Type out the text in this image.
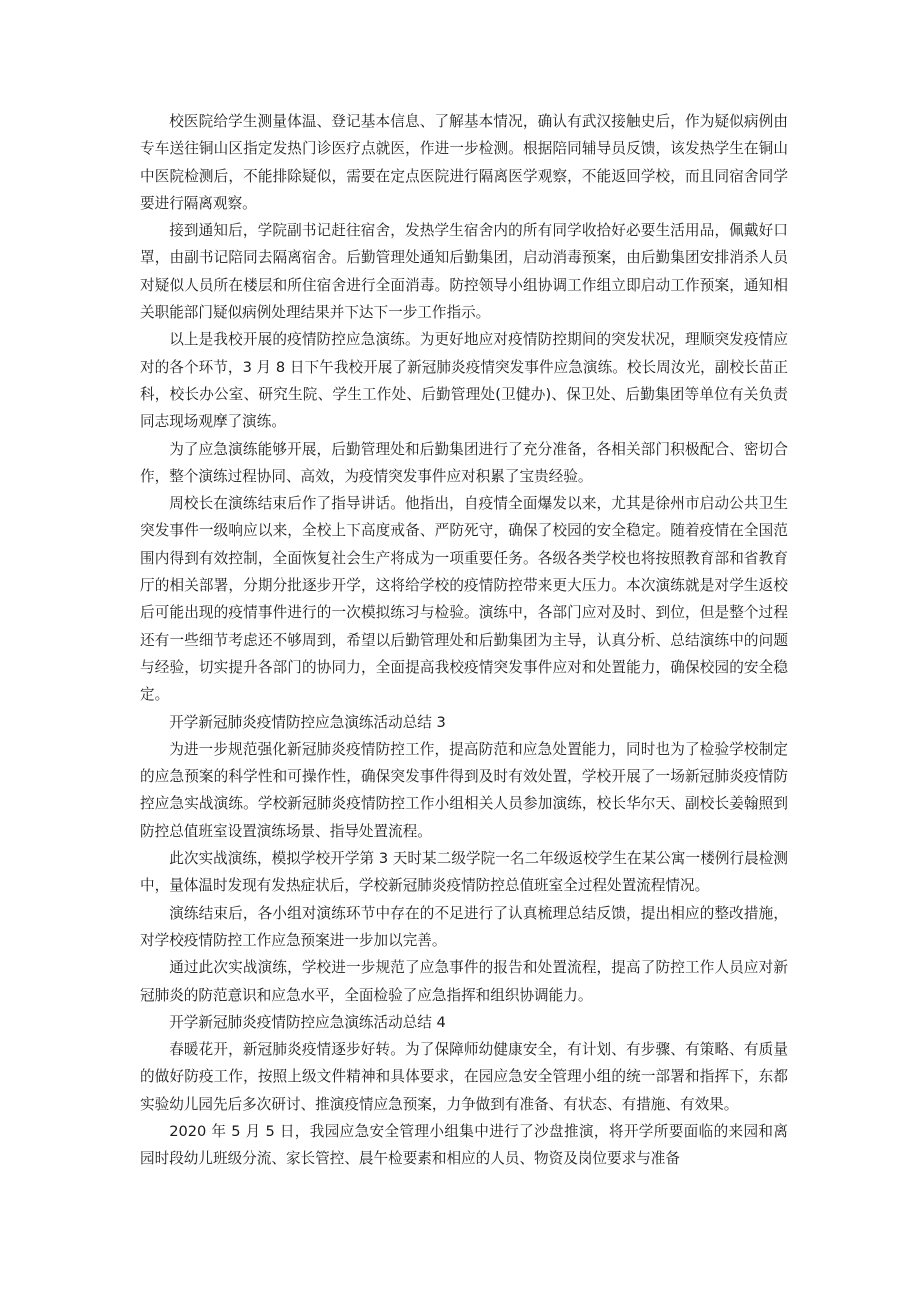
校医院给学生测量体温、登记基本信息、了解基本情况，确认有武汉接触史后，作为疑似病例由专车送往铜山区指定发热门诊医疗点就医，作进一步检测。根据陪同辅导员反馈，该发热学生在铜山中医院检测后，不能排除疑似，需要在定点医院进行隔离医学观察，不能返回学校，而且同宿舍同学要进行隔离观察。

接到通知后，学院副书记赶往宿舍，发热学生宿舍内的所有同学收拾好必要生活用品，佩戴好口罩，由副书记陪同去隔离宿舍。后勤管理处通知后勤集团，启动消毒预案，由后勤集团安排消杀人员对疑似人员所在楼层和所住宿舍进行全面消毒。防控领导小组协调工作组立即启动工作预案，通知相关职能部门疑似病例处理结果并下达下一步工作指示。

以上是我校开展的疫情防控应急演练。为更好地应对疫情防控期间的突发状况，理顺突发疫情应对的各个环节，3 月 8 日下午我校开展了新冠肺炎疫情突发事件应急演练。校长周汝光，副校长苗正科，校长办公室、研究生院、学生工作处、后勤管理处(卫健办)、保卫处、后勤集团等单位有关负责同志现场观摩了演练。

为了应急演练能够开展，后勤管理处和后勤集团进行了充分准备，各相关部门积极配合、密切合作，整个演练过程协同、高效，为疫情突发事件应对积累了宝贵经验。

周校长在演练结束后作了指导讲话。他指出，自疫情全面爆发以来，尤其是徐州市启动公共卫生突发事件一级响应以来，全校上下高度戒备、严防死守，确保了校园的安全稳定。随着疫情在全国范围内得到有效控制，全面恢复社会生产将成为一项重要任务。各级各类学校也将按照教育部和省教育厅的相关部署，分期分批逐步开学，这将给学校的疫情防控带来更大压力。本次演练就是对学生返校后可能出现的疫情事件进行的一次模拟练习与检验。演练中，各部门应对及时、到位，但是整个过程还有一些细节考虑还不够周到，希望以后勤管理处和后勤集团为主导，认真分析、总结演练中的问题与经验，切实提升各部门的协同力，全面提高我校疫情突发事件应对和处置能力，确保校园的安全稳定。

开学新冠肺炎疫情防控应急演练活动总结 3

为进一步规范强化新冠肺炎疫情防控工作，提高防范和应急处置能力，同时也为了检验学校制定的应急预案的科学性和可操作性，确保突发事件得到及时有效处置，学校开展了一场新冠肺炎疫情防控应急实战演练。学校新冠肺炎疫情防控工作小组相关人员参加演练，校长华尔天、副校长姜翰照到防控总值班室设置演练场景、指导处置流程。

此次实战演练，模拟学校开学第 3 天时某二级学院一名二年级返校学生在某公寓一楼例行晨检测中，量体温时发现有发热症状后，学校新冠肺炎疫情防控总值班室全过程处置流程情况。

演练结束后，各小组对演练环节中存在的不足进行了认真梳理总结反馈，提出相应的整改措施，对学校疫情防控工作应急预案进一步加以完善。

通过此次实战演练，学校进一步规范了应急事件的报告和处置流程，提高了防控工作人员应对新冠肺炎的防范意识和应急水平，全面检验了应急指挥和组织协调能力。

开学新冠肺炎疫情防控应急演练活动总结 4

春暖花开，新冠肺炎疫情逐步好转。为了保障师幼健康安全，有计划、有步骤、有策略、有质量的做好防疫工作，按照上级文件精神和具体要求，在园应急安全管理小组的统一部署和指挥下，东都实验幼儿园先后多次研讨、推演疫情应急预案，力争做到有准备、有状态、有措施、有效果。

2020 年 5 月 5 日，我园应急安全管理小组集中进行了沙盘推演，将开学所要面临的来园和离园时段幼儿班级分流、家长管控、晨午检要素和相应的人员、物资及岗位要求与准备
